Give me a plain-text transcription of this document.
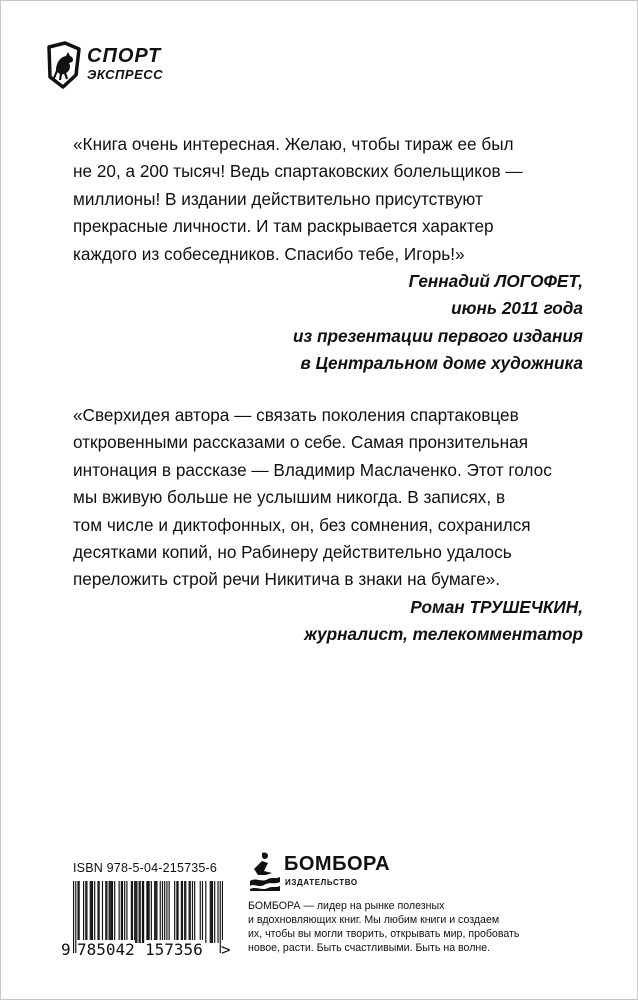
СПОРТ
ЭКСПРЕСС
«Книга очень интересная. Желаю, чтобы тираж ее был
не 20, а 200 тысяч! Ведь спартаковских болельщиков —
миллионы! В издании действительно присутствуют
прекрасные личности. И там раскрывается характер
каждого из собеседников. Спасибо тебе, Игорь!»
Геннадий ЛОГОФЕТ,
июнь 2011 года
из презентации первого издания
в Центральном доме художника
«Сверхидея автора — связать поколения спартаковцев
откровенными рассказами о себе. Самая пронзительная
интонация в рассказе — Владимир Маслаченко. Этот голос
мы вживую больше не услышим никогда. В записях, в
том числе и диктофонных, он, без сомнения, сохранился
десятками копий, но Рабинеру действительно удалось
переложить строй речи Никитича в знаки на бумаге».
Роман ТРУШЕЧКИН,
журналист, телекомментатор
ISBN 978-5-04-215735-6
9 785042 157356 >
БОМБОРА
ИЗДАТЕЛЬСТВО
БОМБОРА — лидер на рынке полезных
и вдохновляющих книг. Мы любим книги и создаем
их, чтобы вы могли творить, открывать мир, пробовать
новое, расти. Быть счастливыми. Быть на волне.
